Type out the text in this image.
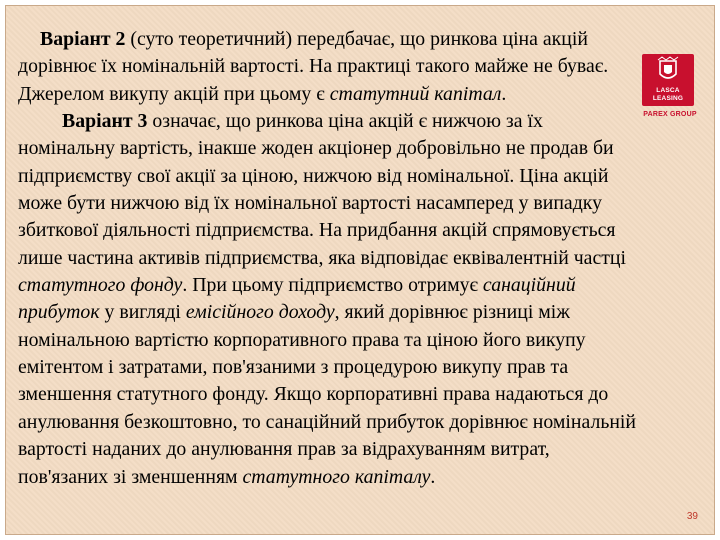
Варіант 2 (суто теоретичний) передбачає, що ринкова ціна акцій дорівнює їх номінальній вартості. На практиці такого майже не буває. Джерелом викупу акцій при цьому є статутний капітал.

Варіант 3 означає, що ринкова ціна акцій є нижчою за їх номінальну вартість, інакше жоден акціонер добровільно не продав би підприємству свої акції за ціною, нижчою від номінальної. Ціна акцій може бути нижчою від їх номінальної вартості насамперед у випадку збиткової діяльності підприємства. На придбання акцій спрямовується лише частина активів підприємства, яка відповідає еквівалентній частці статутного фонду. При цьому підприємство отримує санаційний прибуток у вигляді емісійного доходу, який дорівнює різниці між номінальною вартістю корпоративного права та ціною його викупу емітентом і затратами, пов'язаними з процедурою викупу прав та зменшення статутного фонду. Якщо корпоративні права надаються до анулювання безкоштовно, то санаційний прибуток дорівнює номінальній вартості наданих до анулювання прав за відрахуванням витрат, пов'язаних зі зменшенням статутного капіталу.

LASCA
LEASING
PAREX GROUP
39
